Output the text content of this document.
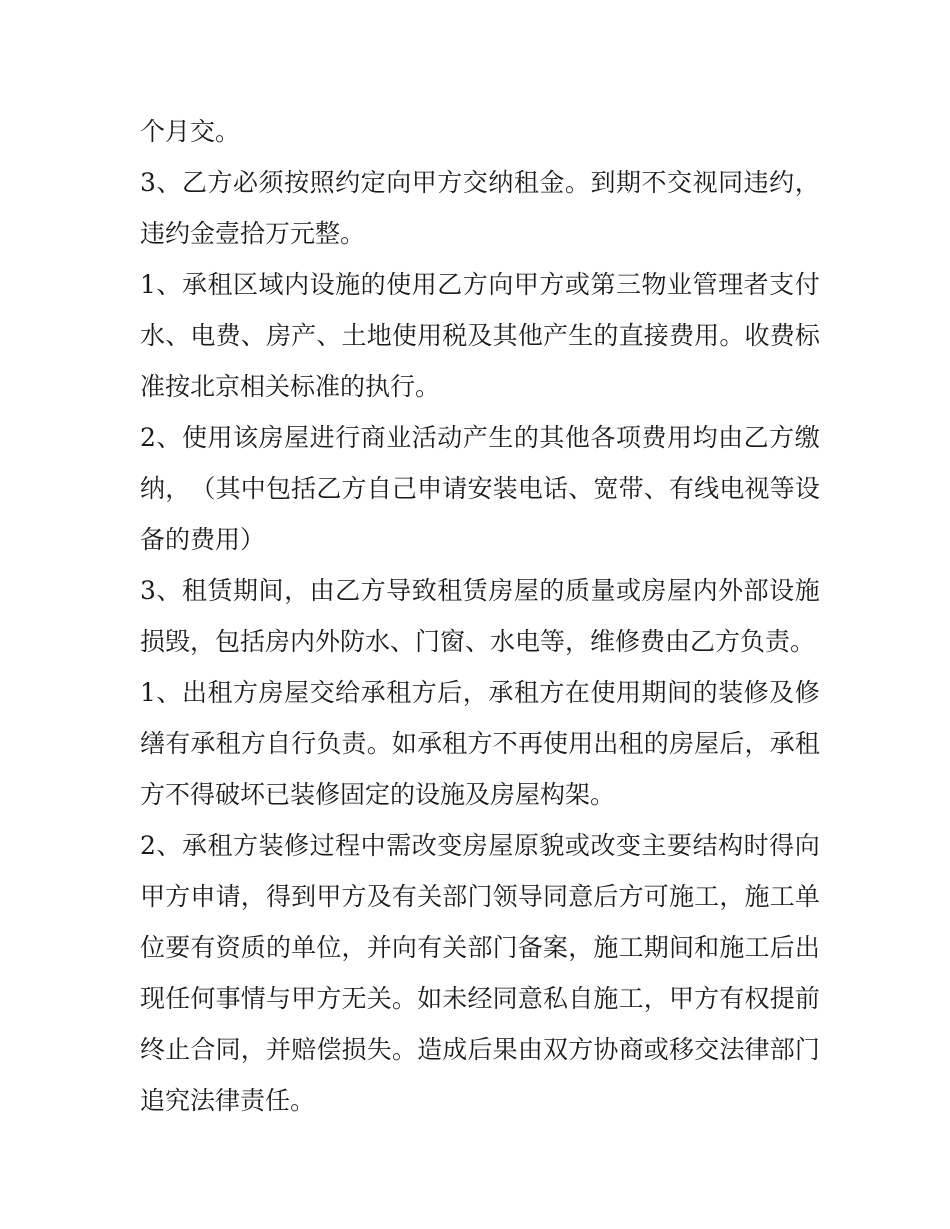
个月交。
3 、 乙 方 必 须 按 照 约 定 向 甲 方 交 纳 租 金 。 到 期 不 交 视 同 违 约 ，
违约金壹拾万元整。
1 、 承 租 区 域 内 设 施 的 使 用 乙 方 向 甲 方 或 第 三 物 业 管 理 者 支 付
水 、 电 费 、 房 产 、 土 地 使 用 税 及 其 他 产 生 的 直 接 费 用 。 收 费 标
准按北京相关标准的执行。
2 、 使 用 该 房 屋 进 行 商 业 活 动 产 生 的 其 他 各 项 费 用 均 由 乙 方 缴
纳 ， （ 其 中 包 括 乙 方 自 己 申 请 安 装 电 话 、 宽 带 、 有 线 电 视 等 设
备的费用）
3 、 租 赁 期 间 ， 由 乙 方 导 致 租 赁 房 屋 的 质 量 或 房 屋 内 外 部 设 施
损毁，包括房内外防水、门窗、水电等，维修费由乙方负责。
1 、 出 租 方 房 屋 交 给 承 租 方 后 ， 承 租 方 在 使 用 期 间 的 装 修 及 修
缮 有 承 租 方 自 行 负 责 。 如 承 租 方 不 再 使 用 出 租 的 房 屋 后 ， 承 租
方不得破坏已装修固定的设施及房屋构架。
2 、 承 租 方 装 修 过 程 中 需 改 变 房 屋 原 貌 或 改 变 主 要 结 构 时 得 向
甲 方 申 请 ， 得 到 甲 方 及 有 关 部 门 领 导 同 意 后 方 可 施 工 ， 施 工 单
位 要 有 资 质 的 单 位 ， 并 向 有 关 部 门 备 案 ， 施 工 期 间 和 施 工 后 出
现 任 何 事 情 与 甲 方 无 关 。 如 未 经 同 意 私 自 施 工 ， 甲 方 有 权 提 前
终 止 合 同 ， 并 赔 偿 损 失 。 造 成 后 果 由 双 方 协 商 或 移 交 法 律 部 门
追究法律责任。
